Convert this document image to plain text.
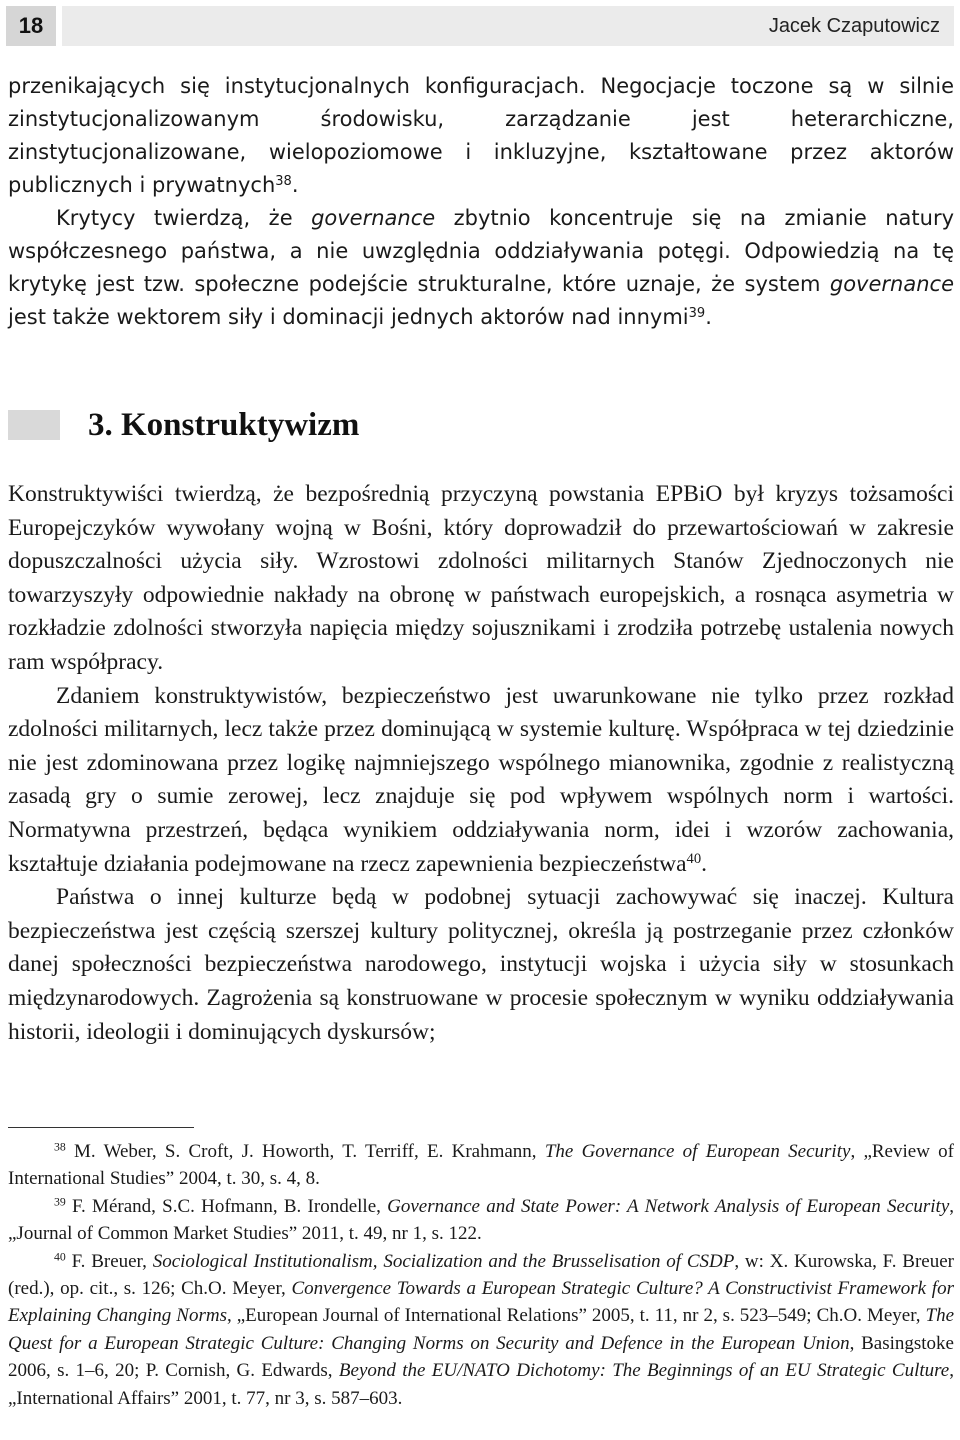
18	Jacek Czaputowicz

przenikających się instytucjonalnych konfiguracjach. Negocjacje toczone są w silnie zinstytucjonalizowanym środowisku, zarządzanie jest heterarchiczne, zinstytucjonalizowane, wielopoziomowe i inkluzyjne, kształtowane przez aktorów publicznych i prywatnych$^{38}$.

Krytycy twierdzą, że governance zbytnio koncentruje się na zmianie natury współczesnego państwa, a nie uwzględnia oddziaływania potęgi. Odpowiedzią na tę krytykę jest tzw. społeczne podejście strukturalne, które uznaje, że system governance jest także wektorem siły i dominacji jednych aktorów nad innymi$^{39}$.

3. Konstruktywizm

Konstruktywiści twierdzą, że bezpośrednią przyczyną powstania EPBiO był kryzys tożsamości Europejczyków wywołany wojną w Bośni, który doprowadził do przewartościowań w zakresie dopuszczalności użycia siły. Wzrostowi zdolności militarnych Stanów Zjednoczonych nie towarzyszyły odpowiednie nakłady na obronę w państwach europejskich, a rosnąca asymetria w rozkładzie zdolności stworzyła napięcia między sojusznikami i zrodziła potrzebę ustalenia nowych ram współpracy.

Zdaniem konstruktywistów, bezpieczeństwo jest uwarunkowane nie tylko przez rozkład zdolności militarnych, lecz także przez dominującą w systemie kulturę. Współpraca w tej dziedzinie nie jest zdominowana przez logikę najmniejszego wspólnego mianownika, zgodnie z realistyczną zasadą gry o sumie zerowej, lecz znajduje się pod wpływem wspólnych norm i wartości. Normatywna przestrzeń, będąca wynikiem oddziaływania norm, idei i wzorów zachowania, kształtuje działania podejmowane na rzecz zapewnienia bezpieczeństwa$^{40}$.

Państwa o innej kulturze będą w podobnej sytuacji zachowywać się inaczej. Kultura bezpieczeństwa jest częścią szerszej kultury politycznej, określa ją postrzeganie przez członków danej społeczności bezpieczeństwa narodowego, instytucji wojska i użycia siły w stosunkach międzynarodowych. Zagrożenia są konstruowane w procesie społecznym w wyniku oddziaływania historii, ideologii i dominujących dyskursów;

$^{38}$ M. Weber, S. Croft, J. Howorth, T. Terriff, E. Krahmann, The Governance of European Security, „Review of International Studies” 2004, t. 30, s. 4, 8.

$^{39}$ F. Mérand, S.C. Hofmann, B. Irondelle, Governance and State Power: A Network Analysis of European Security, „Journal of Common Market Studies” 2011, t. 49, nr 1, s. 122.

$^{40}$ F. Breuer, Sociological Institutionalism, Socialization and the Brusselisation of CSDP, w: X. Kurowska, F. Breuer (red.), op. cit., s. 126; Ch.O. Meyer, Convergence Towards a European Strategic Culture? A Constructivist Framework for Explaining Changing Norms, „European Journal of International Relations” 2005, t. 11, nr 2, s. 523–549; Ch.O. Meyer, The Quest for a European Strategic Culture: Changing Norms on Security and Defence in the European Union, Basingstoke 2006, s. 1–6, 20; P. Cornish, G. Edwards, Beyond the EU/NATO Dichotomy: The Beginnings of an EU Strategic Culture, „International Affairs” 2001, t. 77, nr 3, s. 587–603.
